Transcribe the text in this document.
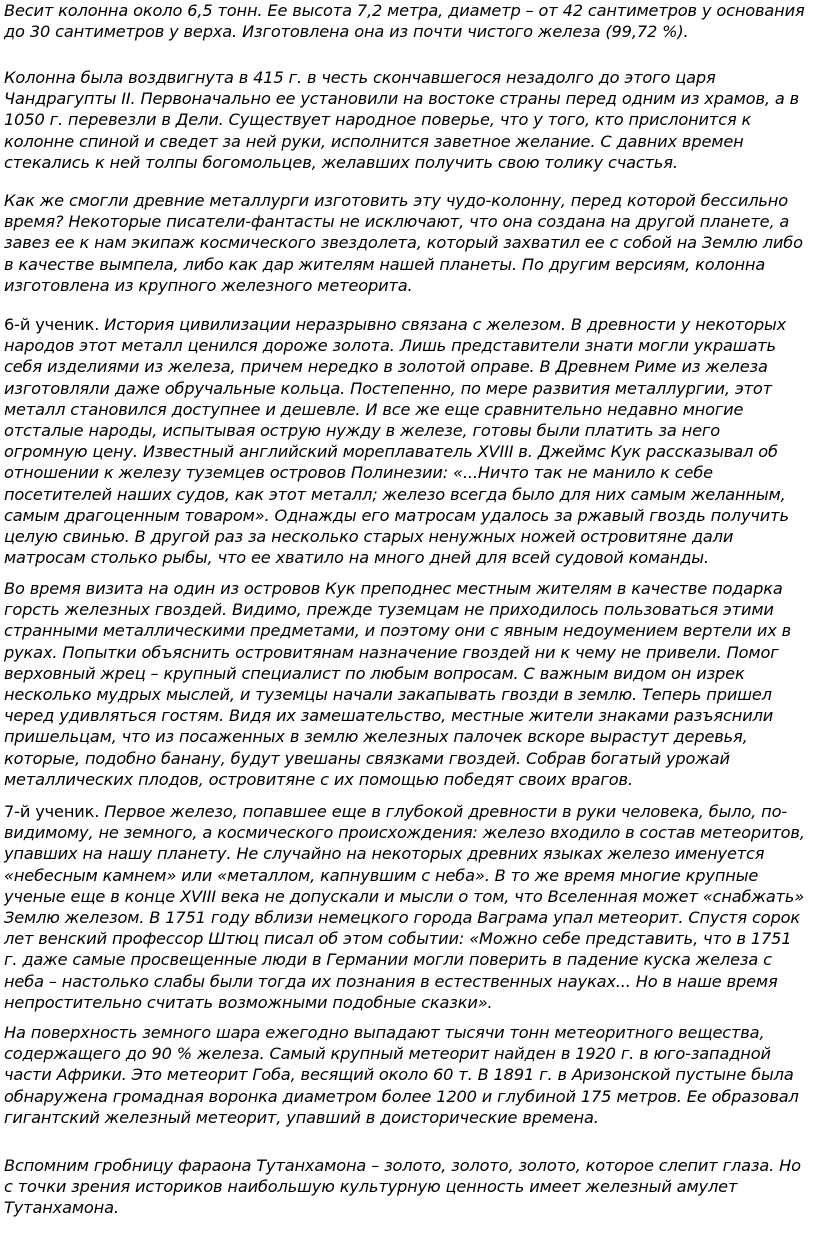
Весит колонна около 6,5 тонн. Ее высота 7,2 метра, диаметр – от 42 сантиметров у основания до 30 сантиметров у верха. Изготовлена она из почти чистого железа (99,72 %).

Колонна была воздвигнута в 415 г. в честь скончавшегося незадолго до этого царя Чандрагупты II. Первоначально ее установили на востоке страны перед одним из храмов, а в 1050 г. перевезли в Дели. Существует народное поверье, что у того, кто прислонится к колонне спиной и сведет за ней руки, исполнится заветное желание. С давних времен стекались к ней толпы богомольцев, желавших получить свою толику счастья.

Как же смогли древние металлурги изготовить эту чудо-колонну, перед которой бессильно время? Некоторые писатели-фантасты не исключают, что она создана на другой планете, а завез ее к нам экипаж космического звездолета, который захватил ее с собой на Землю либо в качестве вымпела, либо как дар жителям нашей планеты. По другим версиям, колонна изготовлена из крупного железного метеорита.

6-й ученик. История цивилизации неразрывно связана с железом. В древности у некоторых народов этот металл ценился дороже золота. Лишь представители знати могли украшать себя изделиями из железа, причем нередко в золотой оправе. В Древнем Риме из железа изготовляли даже обручальные кольца. Постепенно, по мере развития металлургии, этот металл становился доступнее и дешевле. И все же еще сравнительно недавно многие отсталые народы, испытывая острую нужду в железе, готовы были платить за него огромную цену. Известный английский мореплаватель XVIII в. Джеймс Кук рассказывал об отношении к железу туземцев островов Полинезии: «...Ничто так не манило к себе посетителей наших судов, как этот металл; железо всегда было для них самым желанным, самым драгоценным товаром». Однажды его матросам удалось за ржавый гвоздь получить целую свинью. В другой раз за несколько старых ненужных ножей островитяне дали матросам столько рыбы, что ее хватило на много дней для всей судовой команды.

Во время визита на один из островов Кук преподнес местным жителям в качестве подарка горсть железных гвоздей. Видимо, прежде туземцам не приходилось пользоваться этими странными металлическими предметами, и поэтому они с явным недоумением вертели их в руках. Попытки объяснить островитянам назначение гвоздей ни к чему не привели. Помог верховный жрец – крупный специалист по любым вопросам. С важным видом он изрек несколько мудрых мыслей, и туземцы начали закапывать гвозди в землю. Теперь пришел черед удивляться гостям. Видя их замешательство, местные жители знаками разъяснили пришельцам, что из посаженных в землю железных палочек вскоре вырастут деревья, которые, подобно банану, будут увешаны связками гвоздей. Собрав богатый урожай металлических плодов, островитяне с их помощью победят своих врагов.

7-й ученик. Первое железо, попавшее еще в глубокой древности в руки человека, было, по-видимому, не земного, а космического происхождения: железо входило в состав метеоритов, упавших на нашу планету. Не случайно на некоторых древних языках железо именуется «небесным камнем» или «металлом, капнувшим с неба». В то же время многие крупные ученые еще в конце XVIII века не допускали и мысли о том, что Вселенная может «снабжать» Землю железом. В 1751 году вблизи немецкого города Ваграма упал метеорит. Спустя сорок лет венский профессор Штюц писал об этом событии: «Можно себе представить, что в 1751 г. даже самые просвещенные люди в Германии могли поверить в падение куска железа с неба – настолько слабы были тогда их познания в естественных науках... Но в наше время непростительно считать возможными подобные сказки».

На поверхность земного шара ежегодно выпадают тысячи тонн метеоритного вещества, содержащего до 90 % железа. Самый крупный метеорит найден в 1920 г. в юго-западной части Африки. Это метеорит Гоба, весящий около 60 т. В 1891 г. в Аризонской пустыне была обнаружена громадная воронка диаметром более 1200 и глубиной 175 метров. Ее образовал гигантский железный метеорит, упавший в доисторические времена.

Вспомним гробницу фараона Тутанхамона – золото, золото, золото, которое слепит глаза. Но с точки зрения историков наибольшую культурную ценность имеет железный амулет Тутанхамона.
